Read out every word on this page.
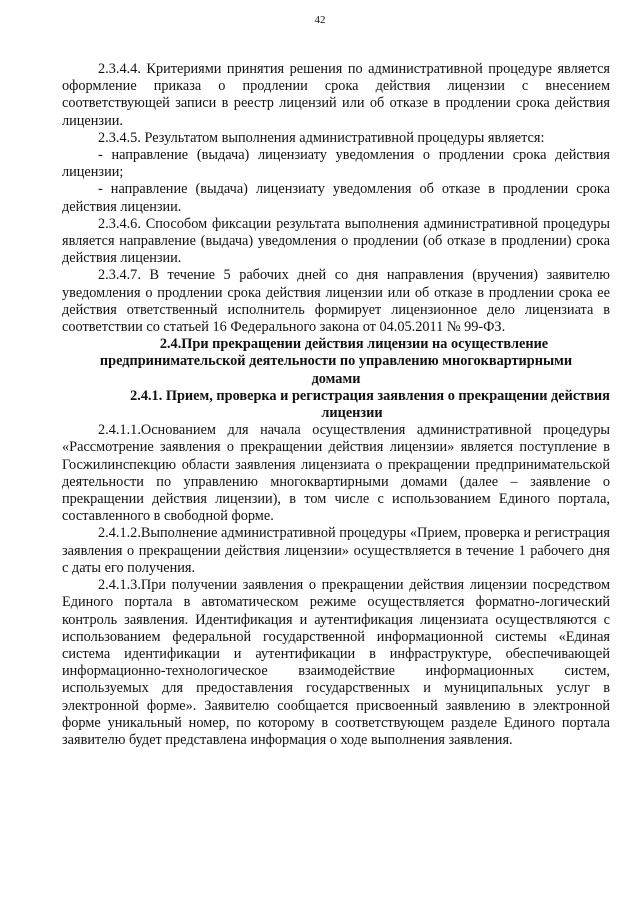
42

2.3.4.4. Критериями принятия решения по административной процедуре является оформление приказа о продлении срока действия лицензии с внесением соответствующей записи в реестр лицензий или об отказе в продлении срока действия лицензии.

2.3.4.5. Результатом выполнения административной процедуры является:

- направление (выдача) лицензиату уведомления о продлении срока действия лицензии;

- направление (выдача) лицензиату уведомления об отказе в продлении срока действия лицензии.

2.3.4.6. Способом фиксации результата выполнения административной процедуры является направление (выдача) уведомления о продлении (об отказе в продлении) срока действия лицензии.

2.3.4.7. В течение 5 рабочих дней со дня направления (вручения) заявителю уведомления о продлении срока действия лицензии или об отказе в продлении срока ее действия ответственный исполнитель формирует лицензионное дело лицензиата в соответствии со статьей 16 Федерального закона от 04.05.2011 № 99-ФЗ.

2.4.При прекращении действия лицензии на осуществление предпринимательской деятельности по управлению многоквартирными домами

2.4.1. Прием, проверка и регистрация заявления о прекращении действия лицензии

2.4.1.1.Основанием для начала осуществления административной процедуры «Рассмотрение заявления о прекращении действия лицензии» является поступление в Госжилинспекцию области заявления лицензиата о прекращении предпринимательской деятельности по управлению многоквартирными домами (далее – заявление о прекращении действия лицензии), в том числе с использованием Единого портала, составленного в свободной форме.

2.4.1.2.Выполнение административной процедуры «Прием, проверка и регистрация заявления о прекращении действия лицензии» осуществляется в течение 1 рабочего дня с даты его получения.

2.4.1.3.При получении заявления о прекращении действия лицензии посредством Единого портала в автоматическом режиме осуществляется форматно-логический контроль заявления. Идентификация и аутентификация лицензиата осуществляются с использованием федеральной государственной информационной системы «Единая система идентификации и аутентификации в инфраструктуре, обеспечивающей информационно-технологическое взаимодействие информационных систем, используемых для предоставления государственных и муниципальных услуг в электронной форме». Заявителю сообщается присвоенный заявлению в электронной форме уникальный номер, по которому в соответствующем разделе Единого портала заявителю будет представлена информация о ходе выполнения заявления.
